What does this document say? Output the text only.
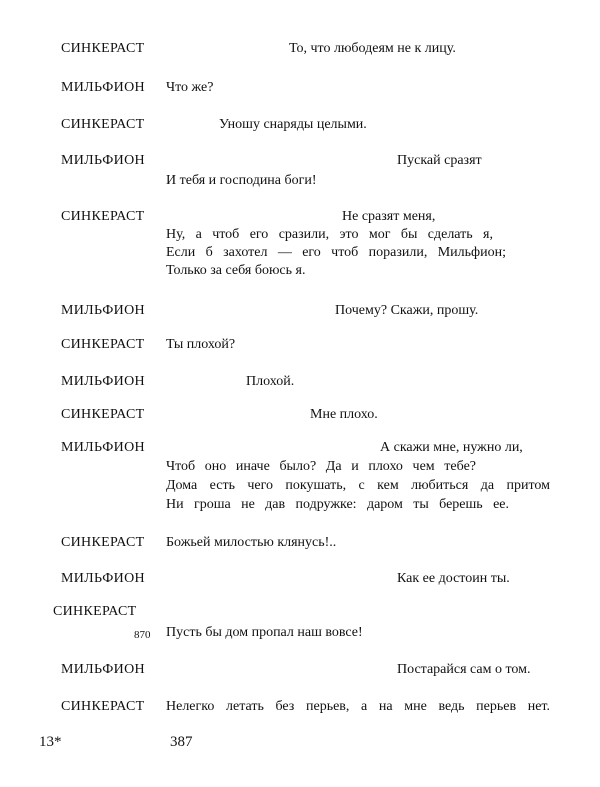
СИНКЕРАСТ	То, что любодеям не к лицу.
МИЛЬФИОН Что же?
СИНКЕРАСТ	Уношу снаряды целыми.
МИЛЬФИОН	Пускай сразят
И тебя и господина боги!
СИНКЕРАСТ	Не сразят меня,
Ну, а чтоб его сразили, это мог бы сделать я,
Если б захотел — его чтоб поразили, Мильфион;
Только за себя боюсь я.
МИЛЬФИОН	Почему? Скажи, прошу.
СИНКЕРАСТ Ты плохой?
МИЛЬФИОН	Плохой.
СИНКЕРАСТ	Мне плохо.
МИЛЬФИОН	А скажи мне, нужно ли,
Чтоб оно иначе было? Да и плохо чем тебе?
Дома есть чего покушать, с кем любиться да притом
Ни гроша не дав подружке: даром ты берешь ее.
СИНКЕРАСТ Божьей милостью клянусь!..
МИЛЬФИОН	Как ее достоин ты.
СИНКЕРАСТ
870 Пусть бы дом пропал наш вовсе!
МИЛЬФИОН	Постарайся сам о том.
СИНКЕРАСТ Нелегко летать без перьев, а на мне ведь перьев нет.
13*	387
